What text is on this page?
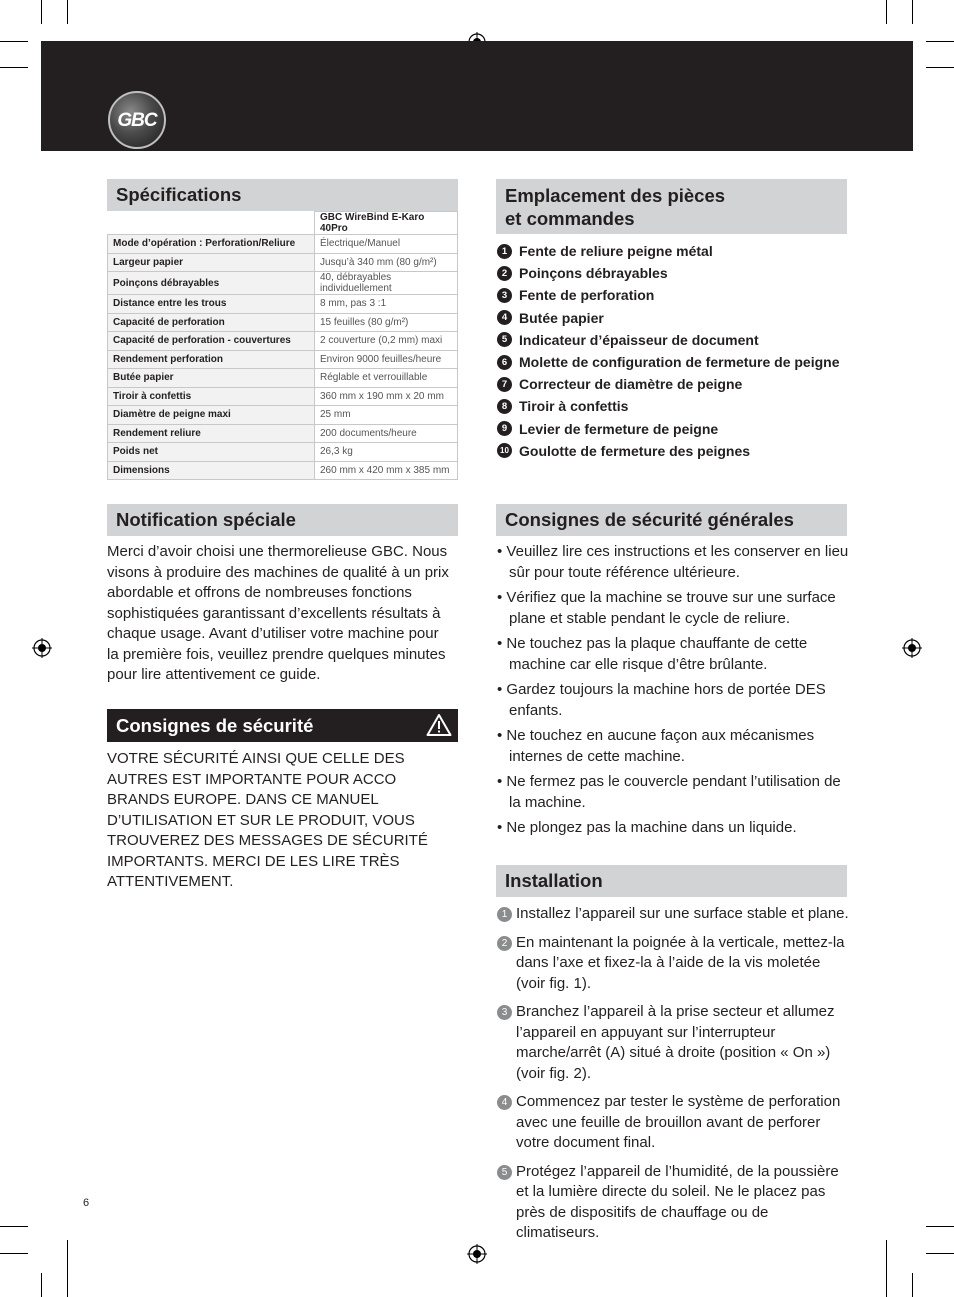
GBC
Spécifications
	GBC WireBind E-Karo 40Pro
Mode d’opération : Perforation/Reliure	Électrique/Manuel
Largeur papier	Jusqu’à 340 mm (80 g/m²)
Poinçons débrayables	40, débrayables individuellement
Distance entre les trous	8 mm, pas 3 :1
Capacité de perforation	15 feuilles (80 g/m²)
Capacité de perforation - couvertures	2 couverture (0,2 mm) maxi
Rendement perforation	Environ 9000 feuilles/heure
Butée papier	Réglable et verrouillable
Tiroir à confettis	360 mm x 190 mm x 20 mm
Diamètre de peigne maxi	25 mm
Rendement reliure	200 documents/heure
Poids net	26,3 kg
Dimensions	260 mm x 420 mm x 385 mm
Emplacement des pièces
et commandes
1 Fente de reliure peigne métal
2 Poinçons débrayables
3 Fente de perforation
4 Butée papier
5 Indicateur d’épaisseur de document
6 Molette de configuration de fermeture de peigne
7 Correcteur de diamètre de peigne
8 Tiroir à confettis
9 Levier de fermeture de peigne
10 Goulotte de fermeture des peignes
Notification spéciale
Merci d’avoir choisi une thermorelieuse GBC. Nous visons à produire des machines de qualité à un prix abordable et offrons de nombreuses fonctions sophistiquées garantissant d’excellents résultats à chaque usage. Avant d’utiliser votre machine pour la première fois, veuillez prendre quelques minutes pour lire attentivement ce guide.
Consignes de sécurité
VOTRE SÉCURITÉ AINSI QUE CELLE DES AUTRES EST IMPORTANTE POUR ACCO BRANDS EUROPE. DANS CE MANUEL D’UTILISATION ET SUR LE PRODUIT, VOUS TROUVEREZ DES MESSAGES DE SÉCURITÉ IMPORTANTS. MERCI DE LES LIRE TRÈS ATTENTIVEMENT.
Consignes de sécurité générales
• Veuillez lire ces instructions et les conserver en lieu sûr pour toute référence ultérieure.
• Vérifiez que la machine se trouve sur une surface plane et stable pendant le cycle de reliure.
• Ne touchez pas la plaque chauffante de cette machine car elle risque d’être brûlante.
• Gardez toujours la machine hors de portée DES enfants.
• Ne touchez en aucune façon aux mécanismes internes de cette machine.
• Ne fermez pas le couvercle pendant l’utilisation de la machine.
• Ne plongez pas la machine dans un liquide.
Installation
1 Installez l’appareil sur une surface stable et plane.
2 En maintenant la poignée à la verticale, mettez-la dans l’axe et fixez-la à l’aide de la vis moletée (voir fig. 1).
3 Branchez l’appareil à la prise secteur et allumez l’appareil en appuyant sur l’interrupteur marche/arrêt (A) situé à droite (position « On ») (voir fig. 2).
4 Commencez par tester le système de perforation avec une feuille de brouillon avant de perforer votre document final.
5 Protégez l’appareil de l’humidité, de la poussière et la lumière directe du soleil. Ne le placez pas près de dispositifs de chauffage ou de climatiseurs.
6
